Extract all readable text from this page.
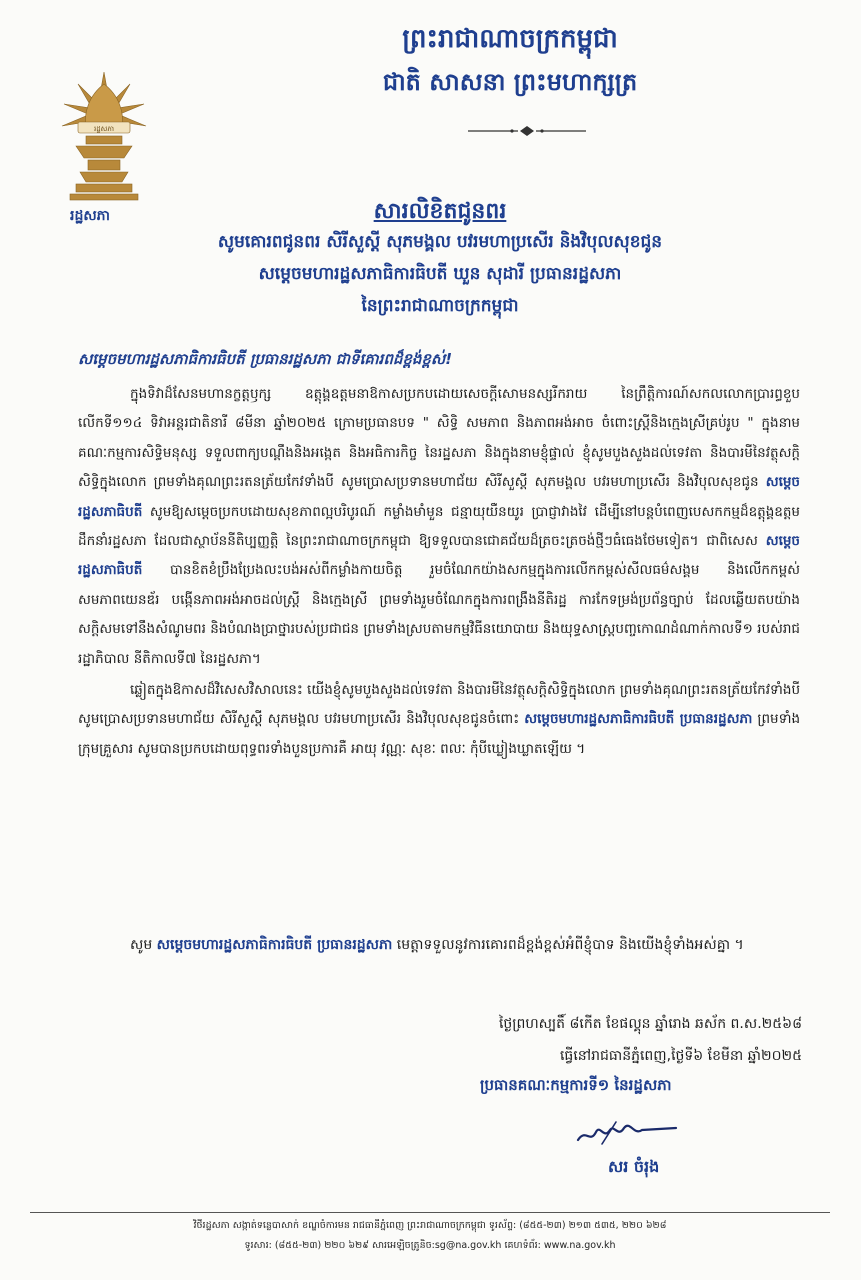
រដ្ឋសភា
រដ្ឋសភា
ព្រះរាជាណាចក្រកម្ពុជា
ជាតិ សាសនា ព្រះមហាក្សត្រ
សារលិខិតជូនពរ
សូមគោរពជូនពរ សិរីសួស្តី សុភមង្គល បវរមហាប្រសើរ និងវិបុលសុខជូន
សម្តេចមហារដ្ឋសភាធិការធិបតី ឃួន សុដារី ប្រធានរដ្ឋសភា
នៃព្រះរាជាណាចក្រកម្ពុជា
សម្តេចមហារដ្ឋសភាធិការធិបតី ប្រធានរដ្ឋសភា ជាទីគោរពដ៏ខ្ពង់ខ្ពស់!

ក្នុងទិវាដ៏សែនមហានក្ខត្តឫក្ស ឧត្តុង្គឧត្តមនាឱកាសប្រកបដោយសេចក្តីសោមនស្សរីករាយ នៃព្រឹត្តិការណ៍សកលលោកប្រារព្ធខួបលើកទី១១៤ ទិវាអន្តរជាតិនារី ៨មីនា ឆ្នាំ២០២៥ ក្រោមប្រធានបទ " សិទ្ធិ សមភាព និងភាពអង់អាច ចំពោះស្ត្រីនិងក្មេងស្រីគ្រប់រូប " ក្នុងនាមគណៈកម្មការសិទ្ធិមនុស្ស ទទួលពាក្យបណ្តឹងនិងអង្កេត និងអធិការកិច្ច នៃរដ្ឋសភា និងក្នុងនាមខ្ញុំផ្ទាល់ ខ្ញុំសូមបួងសួងដល់ទេវតា និងបារមីនៃវត្ថុសក្តិសិទ្ធិក្នុងលោក ព្រមទាំងគុណព្រះរតនត្រ័យកែវទាំងបី សូមប្រោសប្រទានមហាជ័យ សិរីសួស្តី សុភមង្គល បវរមហាប្រសើរ និងវិបុលសុខជូន សម្តេចរដ្ឋសភាធិបតី សូមឱ្យសម្តេចប្រកបដោយសុខភាពល្អបរិបូរណ៍ កម្លាំងមាំមួន ជន្មាយុយឺនយូរ ប្រាជ្ញាវាងវៃ ដើម្បីនៅបន្តបំពេញបេសកកម្មដ៏ឧត្តុង្គឧត្តមដឹកនាំរដ្ឋសភា ដែលជាស្ថាប័ននីតិប្បញ្ញត្តិ នៃព្រះរាជាណាចក្រកម្ពុជា ឱ្យទទួលបានជោគជ័យដ៏ត្រចះត្រចង់ថ្មីៗធំធេងថែមទៀត។ ជាពិសេស សម្តេចរដ្ឋសភាធិបតី បានខិតខំប្រឹងប្រែងលះបង់អស់ពីកម្លាំងកាយចិត្ត រួមចំណែកយ៉ាងសកម្មក្នុងការលើកកម្ពស់សីលធម៌សង្គម និងលើកកម្ពស់សមភាពយេនឌ័រ បង្កើនភាពអង់អាចដល់ស្ត្រី និងក្មេងស្រី ព្រមទាំងរួមចំណែកក្នុងការពង្រឹងនីតិរដ្ឋ ការកែទម្រង់ប្រព័ន្ធច្បាប់ ដែលឆ្លើយតបយ៉ាងសក្តិសមទៅនឹងសំណូមពរ និងបំណងប្រាថ្នារបស់ប្រជាជន ព្រមទាំងស្របតាមកម្មវិធីនយោបាយ និងយុទ្ធសាស្ត្របញ្ចកោណដំណាក់កាលទី១ របស់រាជរដ្ឋាភិបាល នីតិកាលទី៧ នៃរដ្ឋសភា។

ឆ្លៀតក្នុងឱកាសដ៏វិសេសវិសាលនេះ យើងខ្ញុំសូមបួងសួងដល់ទេវតា និងបារមីនៃវត្ថុសក្តិសិទ្ធិក្នុងលោក ព្រមទាំងគុណព្រះរតនត្រ័យកែវទាំងបី សូមប្រោសប្រទានមហាជ័យ សិរីសួស្តី សុភមង្គល បវរមហាប្រសើរ និងវិបុលសុខជូនចំពោះ សម្តេចមហារដ្ឋសភាធិការធិបតី ប្រធានរដ្ឋសភា ព្រមទាំងក្រុមគ្រួសារ សូមបានប្រកបដោយពុទ្ធពរទាំងបួនប្រការគឺ អាយុ វណ្ណៈ សុខៈ ពលៈ កុំបីឃ្លៀងឃ្លាតឡើយ ។

សូម សម្តេចមហារដ្ឋសភាធិការធិបតី ប្រធានរដ្ឋសភា មេត្តាទទួលនូវការគោរពដ៏ខ្ពង់ខ្ពស់អំពីខ្ញុំបាទ និងយើងខ្ញុំទាំងអស់គ្នា ។

ថ្ងៃព្រហស្បតិ៍ ៨កើត ខែផល្គុន ឆ្នាំរោង ឆស័ក ព.ស.២៥៦៨
ធ្វើនៅរាជធានីភ្នំពេញ,ថ្ងៃទី៦ ខែមីនា ឆ្នាំ២០២៥
ប្រធានគណៈកម្មការទី១ នៃរដ្ឋសភា
សរ ចំរុង
វិថីរដ្ឋសភា សង្កាត់ទន្លេបាសាក់ ខណ្ឌចំការមន រាជធានីភ្នំពេញ ព្រះរាជាណាចក្រកម្ពុជា ទូរស័ព្ទ: (៨៥៥-២៣) ២១៣ ៥៣៥, ២២០ ៦២៨
ទូរសារ: (៨៥៥-២៣) ២២០ ៦២៩ សារអេឡិចត្រូនិច:sg@na.gov.kh គេហទំព័រ: www.na.gov.kh
